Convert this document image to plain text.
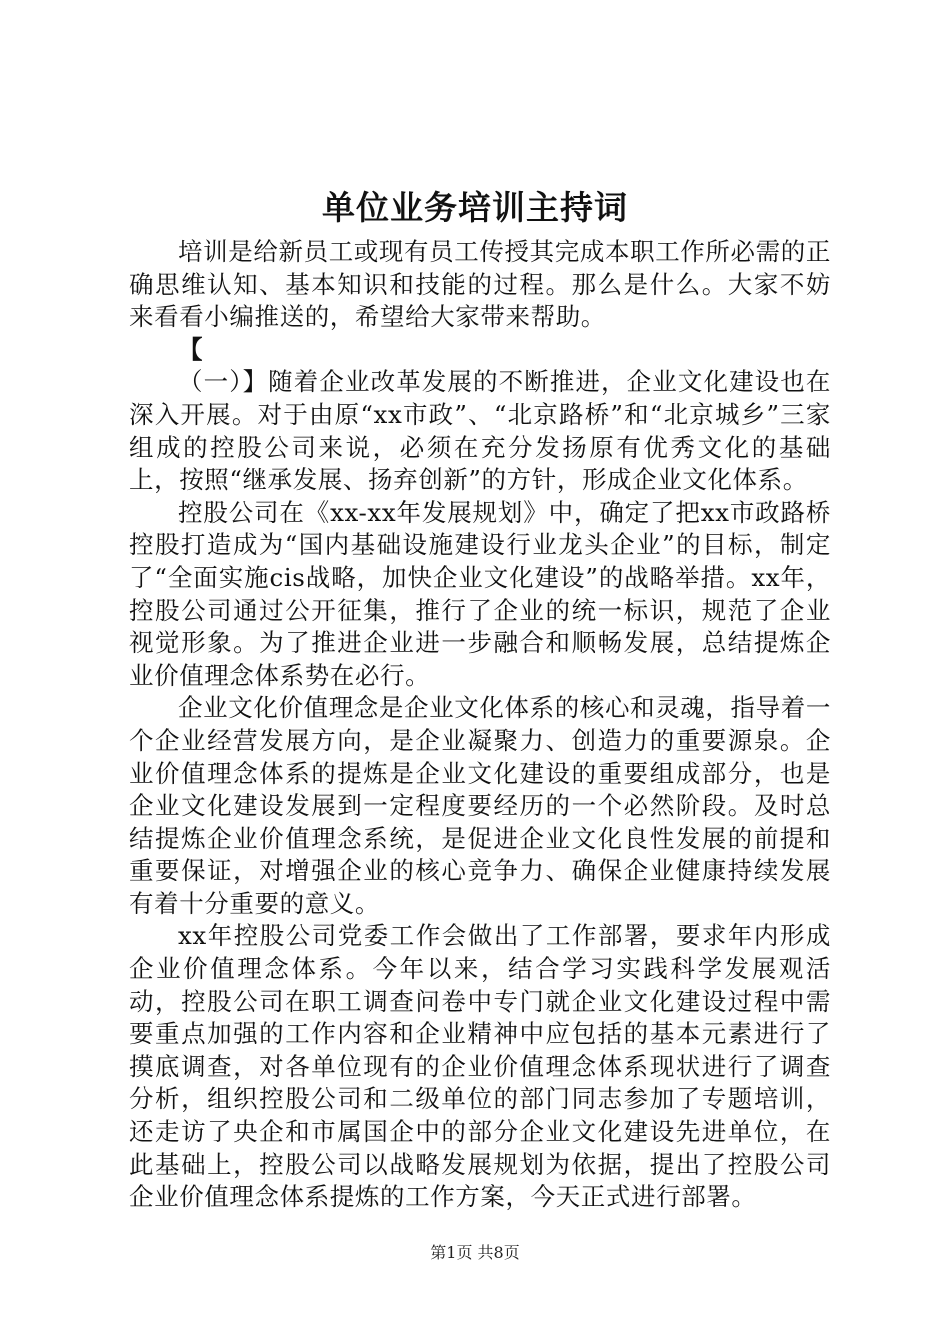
单位业务培训主持词

培训是给新员工或现有员工传授其完成本职工作所必需的正确思维认知、基本知识和技能的过程。那么是什么。大家不妨来看看小编推送的，希望给大家带来帮助。

【

（一）】随着企业改革发展的不断推进，企业文化建设也在深入开展。对于由原“xx市政”、“北京路桥”和“北京城乡”三家组成的控股公司来说，必须在充分发扬原有优秀文化的基础上，按照“继承发展、扬弃创新”的方针，形成企业文化体系。

控股公司在《xx-xx年发展规划》中，确定了把xx市政路桥控股打造成为“国内基础设施建设行业龙头企业”的目标，制定了“全面实施cis战略，加快企业文化建设”的战略举措。xx年，控股公司通过公开征集，推行了企业的统一标识，规范了企业视觉形象。为了推进企业进一步融合和顺畅发展，总结提炼企业价值理念体系势在必行。

企业文化价值理念是企业文化体系的核心和灵魂，指导着一个企业经营发展方向，是企业凝聚力、创造力的重要源泉。企业价值理念体系的提炼是企业文化建设的重要组成部分，也是企业文化建设发展到一定程度要经历的一个必然阶段。及时总结提炼企业价值理念系统，是促进企业文化良性发展的前提和重要保证，对增强企业的核心竞争力、确保企业健康持续发展有着十分重要的意义。

xx年控股公司党委工作会做出了工作部署，要求年内形成企业价值理念体系。今年以来，结合学习实践科学发展观活动，控股公司在职工调查问卷中专门就企业文化建设过程中需要重点加强的工作内容和企业精神中应包括的基本元素进行了摸底调查，对各单位现有的企业价值理念体系现状进行了调查分析，组织控股公司和二级单位的部门同志参加了专题培训，还走访了央企和市属国企中的部分企业文化建设先进单位，在此基础上，控股公司以战略发展规划为依据，提出了控股公司企业价值理念体系提炼的工作方案，今天正式进行部署。

第1页 共8页
